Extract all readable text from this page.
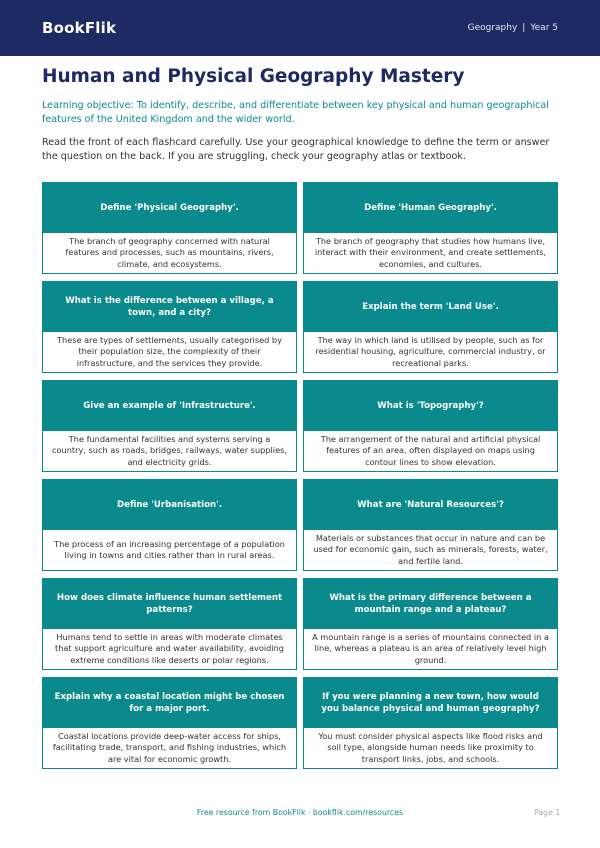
BookFlik	Geography | Year 5
Human and Physical Geography Mastery

Learning objective: To identify, describe, and differentiate between key physical and human geographical features of the United Kingdom and the wider world.

Read the front of each flashcard carefully. Use your geographical knowledge to define the term or answer the question on the back. If you are struggling, check your geography atlas or textbook.

Define 'Physical Geography'.
The branch of geography concerned with natural features and processes, such as mountains, rivers, climate, and ecosystems.
Define 'Human Geography'.
The branch of geography that studies how humans live, interact with their environment, and create settlements, economies, and cultures.
What is the difference between a village, a town, and a city?
These are types of settlements, usually categorised by their population size, the complexity of their infrastructure, and the services they provide.
Explain the term 'Land Use'.
The way in which land is utilised by people, such as for residential housing, agriculture, commercial industry, or recreational parks.
Give an example of 'Infrastructure'.
The fundamental facilities and systems serving a country, such as roads, bridges, railways, water supplies, and electricity grids.
What is 'Topography'?
The arrangement of the natural and artificial physical features of an area, often displayed on maps using contour lines to show elevation.
Define 'Urbanisation'.
The process of an increasing percentage of a population living in towns and cities rather than in rural areas.
What are 'Natural Resources'?
Materials or substances that occur in nature and can be used for economic gain, such as minerals, forests, water, and fertile land.
How does climate influence human settlement patterns?
Humans tend to settle in areas with moderate climates that support agriculture and water availability, avoiding extreme conditions like deserts or polar regions.
What is the primary difference between a mountain range and a plateau?
A mountain range is a series of mountains connected in a line, whereas a plateau is an area of relatively level high ground.
Explain why a coastal location might be chosen for a major port.
Coastal locations provide deep-water access for ships, facilitating trade, transport, and fishing industries, which are vital for economic growth.
If you were planning a new town, how would you balance physical and human geography?
You must consider physical aspects like flood risks and soil type, alongside human needs like proximity to transport links, jobs, and schools.
Free resource from BookFlik · bookflik.com/resources	Page 1
